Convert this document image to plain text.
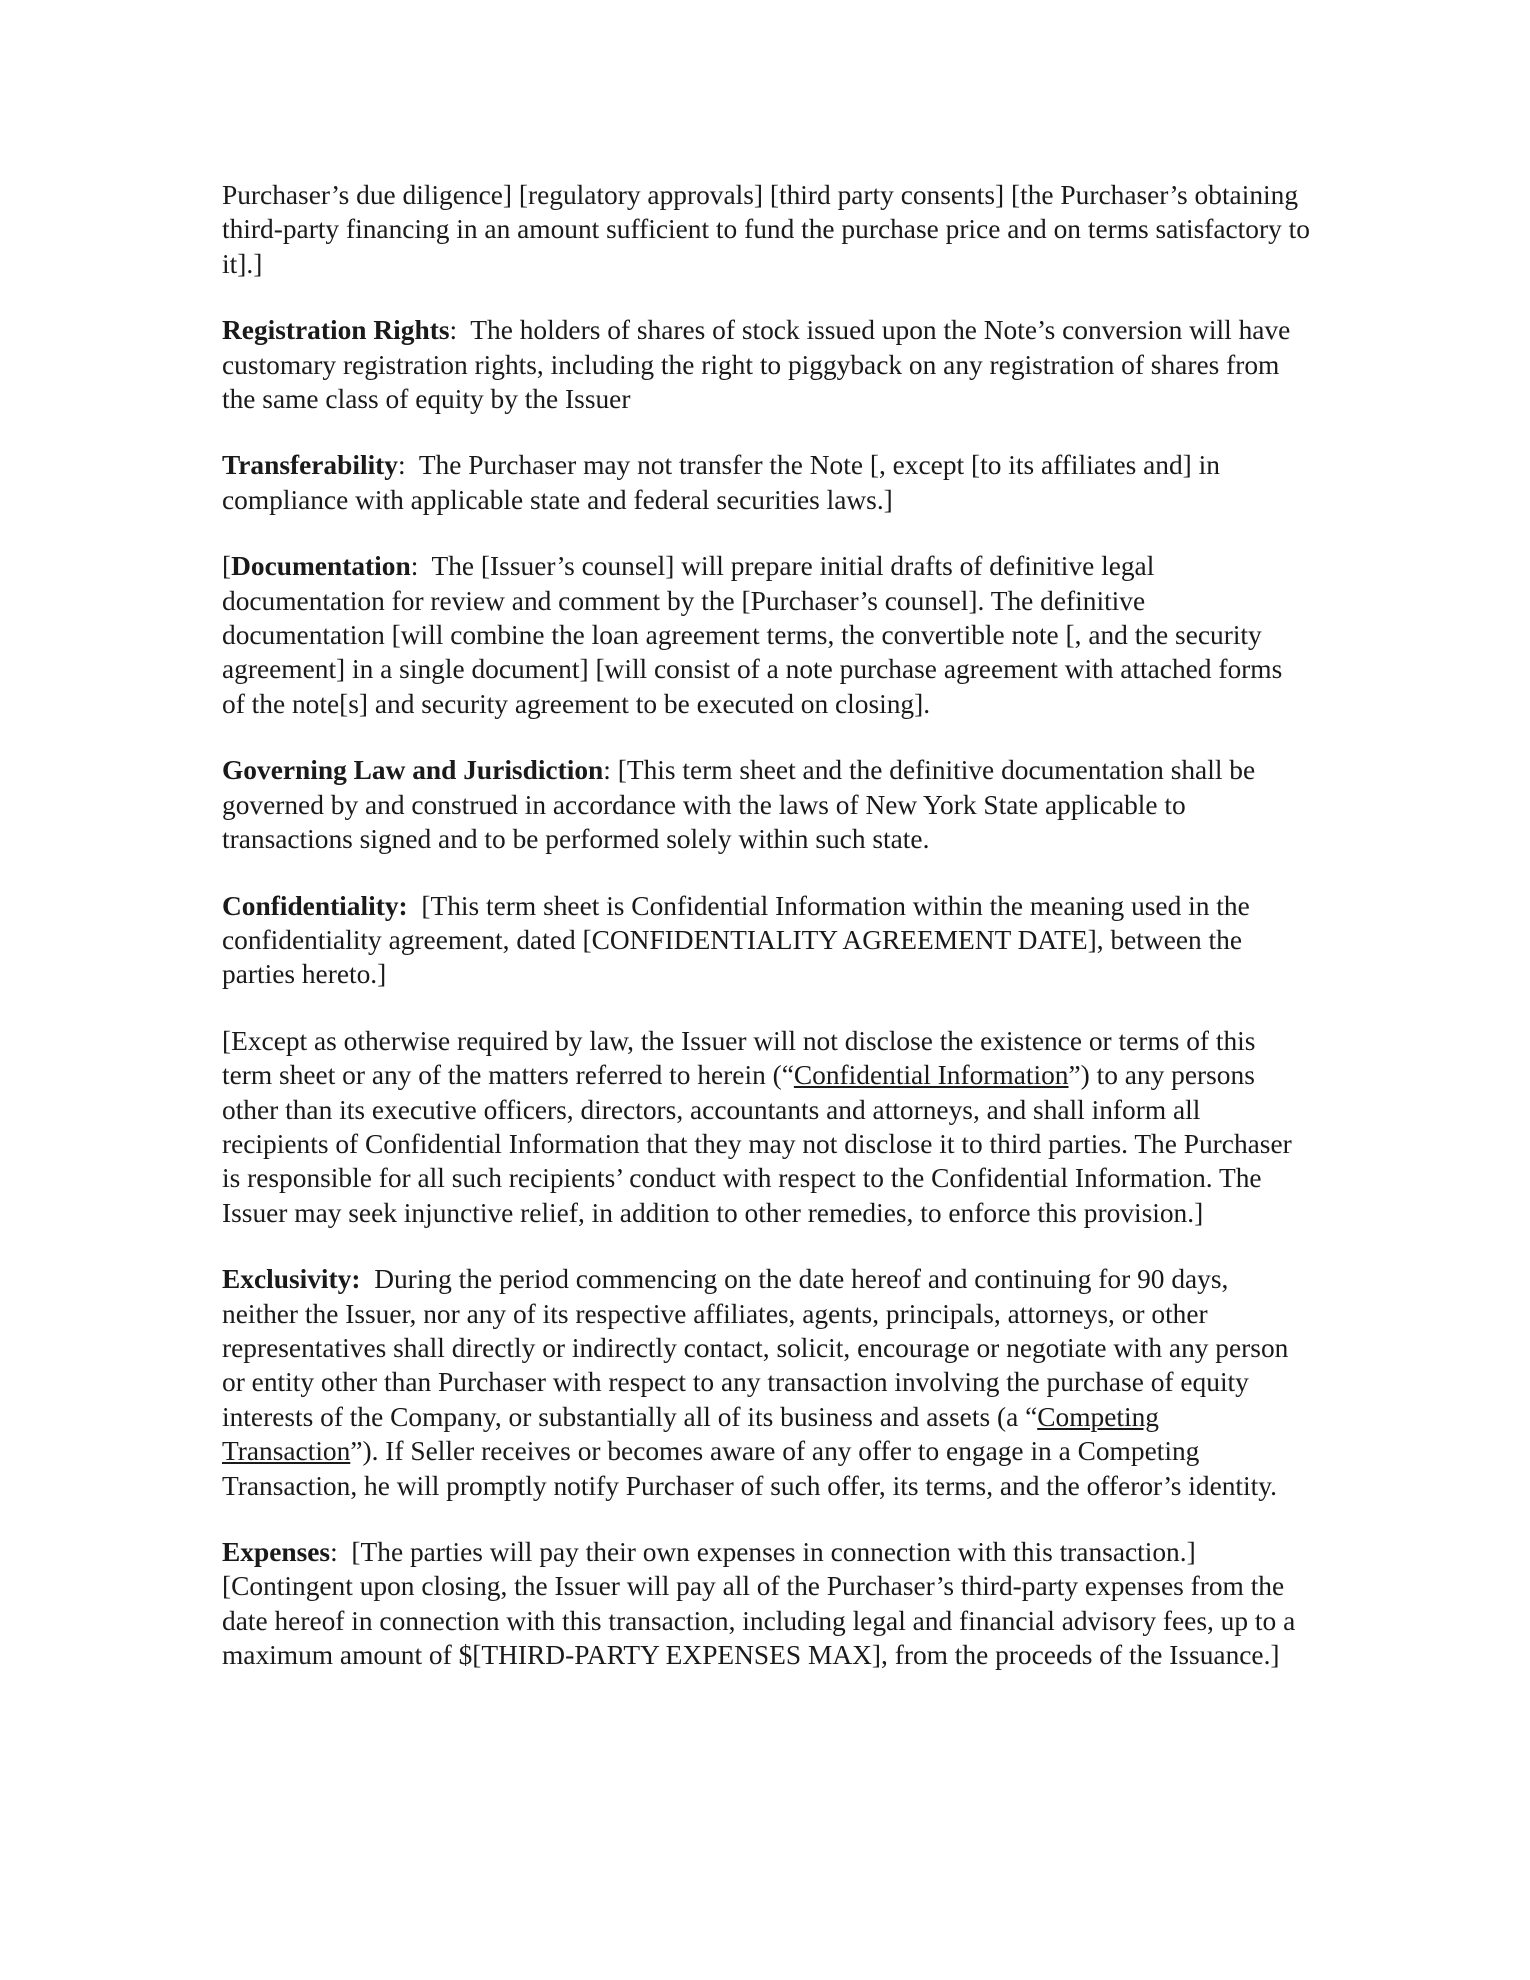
Purchaser’s due diligence] [regulatory approvals] [third party consents] [the Purchaser’s obtaining third-party financing in an amount sufficient to fund the purchase price and on terms satisfactory to it].]

Registration Rights:  The holders of shares of stock issued upon the Note’s conversion will have customary registration rights, including the right to piggyback on any registration of shares from the same class of equity by the Issuer

Transferability:  The Purchaser may not transfer the Note [, except [to its affiliates and] in compliance with applicable state and federal securities laws.]

[Documentation:  The [Issuer’s counsel] will prepare initial drafts of definitive legal documentation for review and comment by the [Purchaser’s counsel]. The definitive documentation [will combine the loan agreement terms, the convertible note [, and the security agreement] in a single document] [will consist of a note purchase agreement with attached forms of the note[s] and security agreement to be executed on closing].

Governing Law and Jurisdiction: [This term sheet and the definitive documentation shall be governed by and construed in accordance with the laws of New York State applicable to transactions signed and to be performed solely within such state.

Confidentiality: [This term sheet is Confidential Information within the meaning used in the confidentiality agreement, dated [CONFIDENTIALITY AGREEMENT DATE], between the parties hereto.]

[Except as otherwise required by law, the Issuer will not disclose the existence or terms of this term sheet or any of the matters referred to herein (“Confidential Information”) to any persons other than its executive officers, directors, accountants and attorneys, and shall inform all recipients of Confidential Information that they may not disclose it to third parties. The Purchaser is responsible for all such recipients’ conduct with respect to the Confidential Information. The Issuer may seek injunctive relief, in addition to other remedies, to enforce this provision.]

Exclusivity: During the period commencing on the date hereof and continuing for 90 days, neither the Issuer, nor any of its respective affiliates, agents, principals, attorneys, or other representatives shall directly or indirectly contact, solicit, encourage or negotiate with any person or entity other than Purchaser with respect to any transaction involving the purchase of equity interests of the Company, or substantially all of its business and assets (a “Competing Transaction”). If Seller receives or becomes aware of any offer to engage in a Competing Transaction, he will promptly notify Purchaser of such offer, its terms, and the offeror’s identity.

Expenses:  [The parties will pay their own expenses in connection with this transaction.] [Contingent upon closing, the Issuer will pay all of the Purchaser’s third-party expenses from the date hereof in connection with this transaction, including legal and financial advisory fees, up to a maximum amount of $[THIRD-PARTY EXPENSES MAX], from the proceeds of the Issuance.]
